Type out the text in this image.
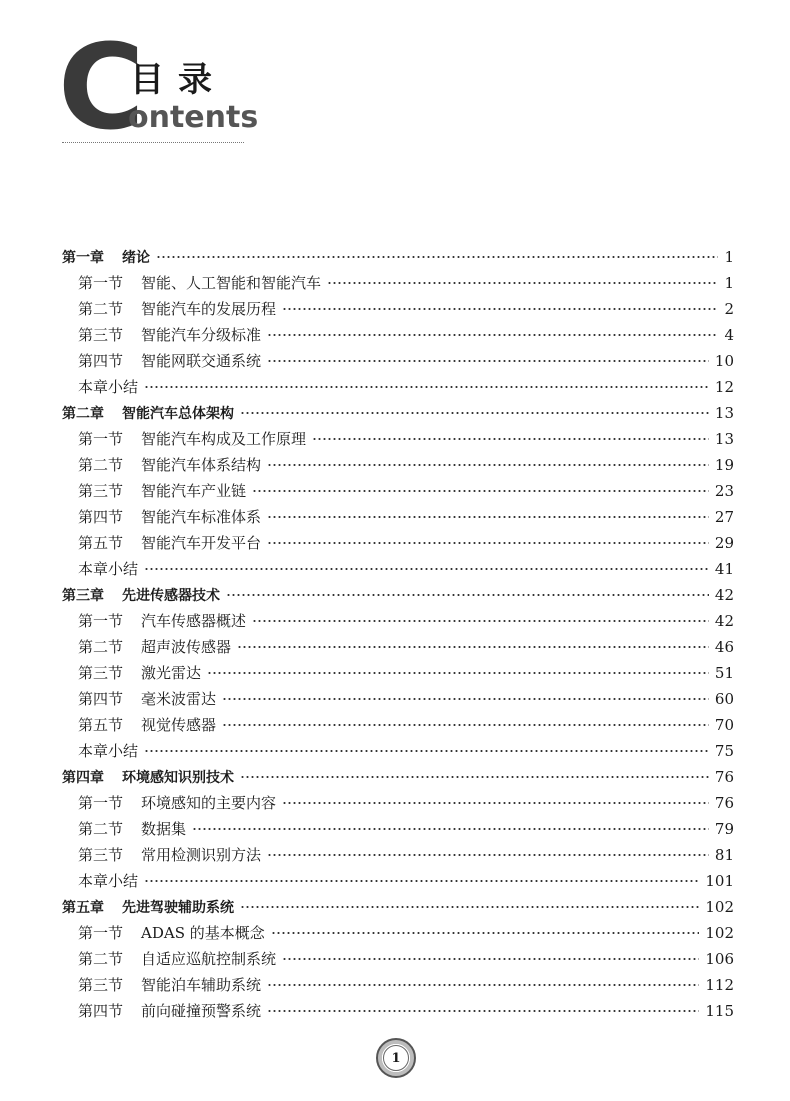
C
目录
ontents
第一章 绪论	1
第一节 智能、人工智能和智能汽车	1
第二节 智能汽车的发展历程	2
第三节 智能汽车分级标准	4
第四节 智能网联交通系统	10
本章小结	12
第二章 智能汽车总体架构	13
第一节 智能汽车构成及工作原理	13
第二节 智能汽车体系结构	19
第三节 智能汽车产业链	23
第四节 智能汽车标准体系	27
第五节 智能汽车开发平台	29
本章小结	41
第三章 先进传感器技术	42
第一节 汽车传感器概述	42
第二节 超声波传感器	46
第三节 激光雷达	51
第四节 毫米波雷达	60
第五节 视觉传感器	70
本章小结	75
第四章 环境感知识别技术	76
第一节 环境感知的主要内容	76
第二节 数据集	79
第三节 常用检测识别方法	81
本章小结	101
第五章 先进驾驶辅助系统	102
第一节 ADAS 的基本概念	102
第二节 自适应巡航控制系统	106
第三节 智能泊车辅助系统	112
第四节 前向碰撞预警系统	115
1
